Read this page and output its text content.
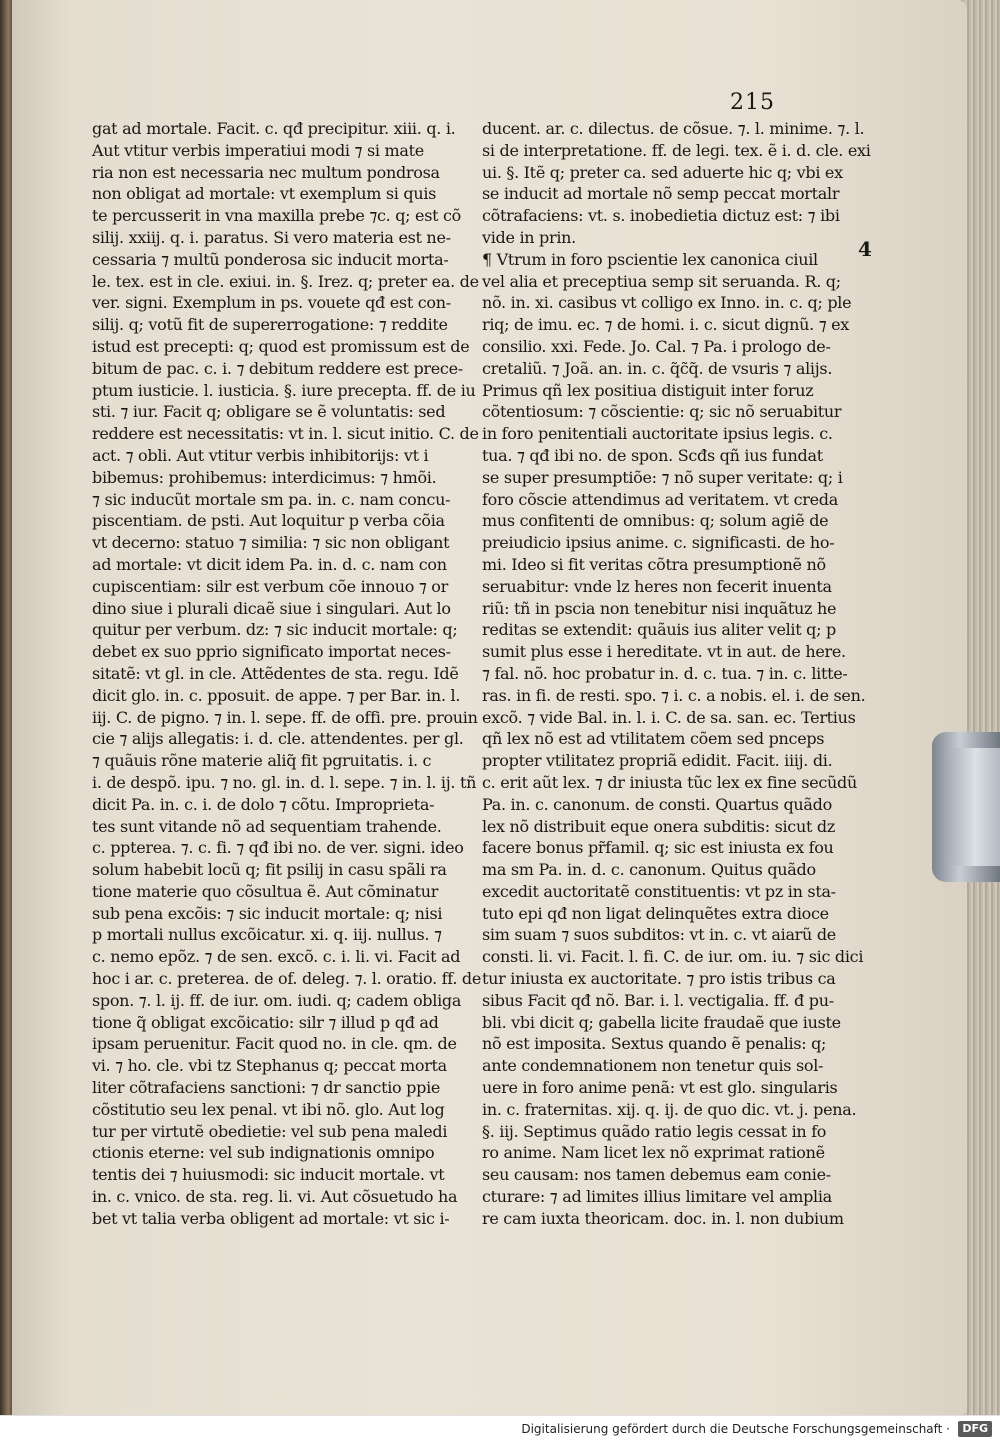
215
4
gat ad mortale. Facit. c. qđ precipitur. xiii. q. i.
Aut vtitur verbis imperatiui modi ⁊ si mate
ria non est necessaria nec multum pondrosa
non obligat ad mortale: vt exemplum si quis
te percusserit in vna maxilla prebe ⁊c. q; est cõ
silij. xxiij. q. i. paratus. Si vero materia est ne-
cessaria ⁊ multũ ponderosa sic inducit morta-
le. tex. est in cle. exiui. in. §. Irez. q; preter ea. de
ver. signi. Exemplum in ps. vouete qđ est con-
silij. q; votũ fit de supererrogatione: ⁊ reddite
istud est precepti: q; quod est promissum est de
bitum de pac. c. i. ⁊ debitum reddere est prece-
ptum iusticie. l. iusticia. §. iure precepta. ff. de iu
sti. ⁊ iur. Facit q; obligare se ẽ voluntatis: sed
reddere est necessitatis: vt in. l. sicut initio. C. de
act. ⁊ obli. Aut vtitur verbis inhibitorijs: vt i
bibemus: prohibemus: interdicimus: ⁊ hmõi.
⁊ sic inducũt mortale sm pa. in. c. nam concu-
piscentiam. de psti. Aut loquitur p verba cõia
vt decerno: statuo ⁊ similia: ⁊ sic non obligant
ad mortale: vt dicit idem Pa. in. d. c. nam con
cupiscentiam: silr est verbum cõe innouo ⁊ or
dino siue i plurali dicaẽ siue i singulari. Aut lo
quitur per verbum. dz: ⁊ sic inducit mortale: q;
debet ex suo pprio significato importat neces-
sitatẽ: vt gl. in cle. Attẽdentes de sta. regu. Idẽ
dicit glo. in. c. pposuit. de appe. ⁊ per Bar. in. l.
iij. C. de pigno. ⁊ in. l. sepe. ff. de offi. pre. prouin
cie ⁊ alijs allegatis: i. d. cle. attendentes. per gl.
⁊ quãuis rõne materie aliq̃ fit pgruitatis. i. c
i. de despõ. ipu. ⁊ no. gl. in. d. l. sepe. ⁊ in. l. ij. tñ
dicit Pa. in. c. i. de dolo ⁊ cõtu. Improprieta-
tes sunt vitande nõ ad sequentiam trahende.
c. ppterea. ⁊. c. fi. ⁊ qđ ibi no. de ver. signi. ideo
solum habebit locũ q; fit psilij in casu spãli ra
tione materie quo cõsultua ẽ. Aut cõminatur
sub pena excõis: ⁊ sic inducit mortale: q; nisi
p mortali nullus excõicatur. xi. q. iij. nullus. ⁊
c. nemo epõz. ⁊ de sen. excõ. c. i. li. vi. Facit ad
hoc i ar. c. preterea. de of. deleg. ⁊. l. oratio. ff. de
spon. ⁊. l. ij. ff. de iur. om. iudi. q; cadem obliga
tione q̃ obligat excõicatio: silr ⁊ illud p qđ ad
ipsam peruenitur. Facit quod no. in cle. qm. de
vi. ⁊ ho. cle. vbi tz Stephanus q; peccat morta
liter cõtrafaciens sanctioni: ⁊ dr sanctio ppie
cõstitutio seu lex penal. vt ibi nõ. glo. Aut log
tur per virtutẽ obedietie: vel sub pena maledi
ctionis eterne: vel sub indignationis omnipo
tentis dei ⁊ huiusmodi: sic inducit mortale. vt
in. c. vnico. de sta. reg. li. vi. Aut cõsuetudo ha
bet vt talia verba obligent ad mortale: vt sic i-
ducent. ar. c. dilectus. de cõsue. ⁊. l. minime. ⁊. l.
si de interpretatione. ff. de legi. tex. ẽ i. d. cle. exi
ui. §. Itẽ q; preter ca. sed aduerte hic q; vbi ex
se inducit ad mortale nõ semp peccat mortalr
cõtrafaciens: vt. s. inobedietia dictuz est: ⁊ ibi
vide in prin.
¶ Vtrum in foro pscientie lex canonica ciuil
vel alia et preceptiua semp sit seruanda. R. q;
nõ. in. xi. casibus vt colligo ex Inno. in. c. q; ple
riq; de imu. ec. ⁊ de homi. i. c. sicut dignũ. ⁊ ex
consilio. xxi. Fede. Jo. Cal. ⁊ Pa. i prologo de-
cretaliũ. ⁊ Joã. an. in. c. q̃c̃q̃. de vsuris ⁊ alijs.
Primus qñ lex positiua distiguit inter foruz
cõtentiosum: ⁊ cõscientie: q; sic nõ seruabitur
in foro penitentiali auctoritate ipsius legis. c.
tua. ⁊ qđ ibi no. de spon. Scđs qñ ius fundat
se super presumptiõe: ⁊ nõ super veritate: q; i
foro cõscie attendimus ad veritatem. vt creda
mus confitenti de omnibus: q; solum agiẽ de
preiudicio ipsius anime. c. significasti. de ho-
mi. Ideo si fit veritas cõtra presumptionẽ nõ
seruabitur: vnde lz heres non fecerit inuenta
riũ: tñ in pscia non tenebitur nisi inquãtuz he
reditas se extendit: quãuis ius aliter velit q; p
sumit plus esse i hereditate. vt in aut. de here.
⁊ fal. nõ. hoc probatur in. d. c. tua. ⁊ in. c. litte-
ras. in fi. de resti. spo. ⁊ i. c. a nobis. el. i. de sen.
excõ. ⁊ vide Bal. in. l. i. C. de sa. san. ec. Tertius
qñ lex nõ est ad vtilitatem cõem sed pnceps
propter vtilitatez propriã edidit. Facit. iiij. di.
c. erit aũt lex. ⁊ dr iniusta tũc lex ex fine secũdũ
Pa. in. c. canonum. de consti. Quartus quãdo
lex nõ distribuit eque onera subditis: sicut dz
facere bonus pr̃famil. q; sic est iniusta ex fou
ma sm Pa. in. d. c. canonum. Quitus quãdo
excedit auctoritatẽ constituentis: vt pz in sta-
tuto epi qđ non ligat delinquẽtes extra dioce
sim suam ⁊ suos subditos: vt in. c. vt aiarũ de
consti. li. vi. Facit. l. fi. C. de iur. om. iu. ⁊ sic dici
tur iniusta ex auctoritate. ⁊ pro istis tribus ca
sibus Facit qđ nõ. Bar. i. l. vectigalia. ff. đ pu-
bli. vbi dicit q; gabella licite fraudaẽ que iuste
nõ est imposita. Sextus quando ẽ penalis: q;
ante condemnationem non tenetur quis sol-
uere in foro anime penã: vt est glo. singularis
in. c. fraternitas. xij. q. ij. de quo dic. vt. j. pena.
§. iij. Septimus quãdo ratio legis cessat in fo
ro anime. Nam licet lex nõ exprimat rationẽ
seu causam: nos tamen debemus eam conie-
cturare: ⁊ ad limites illius limitare vel amplia
re cam iuxta theoricam. doc. in. l. non dubium
Digitalisierung gefördert durch die Deutsche Forschungsgemeinschaft ·	DFG
